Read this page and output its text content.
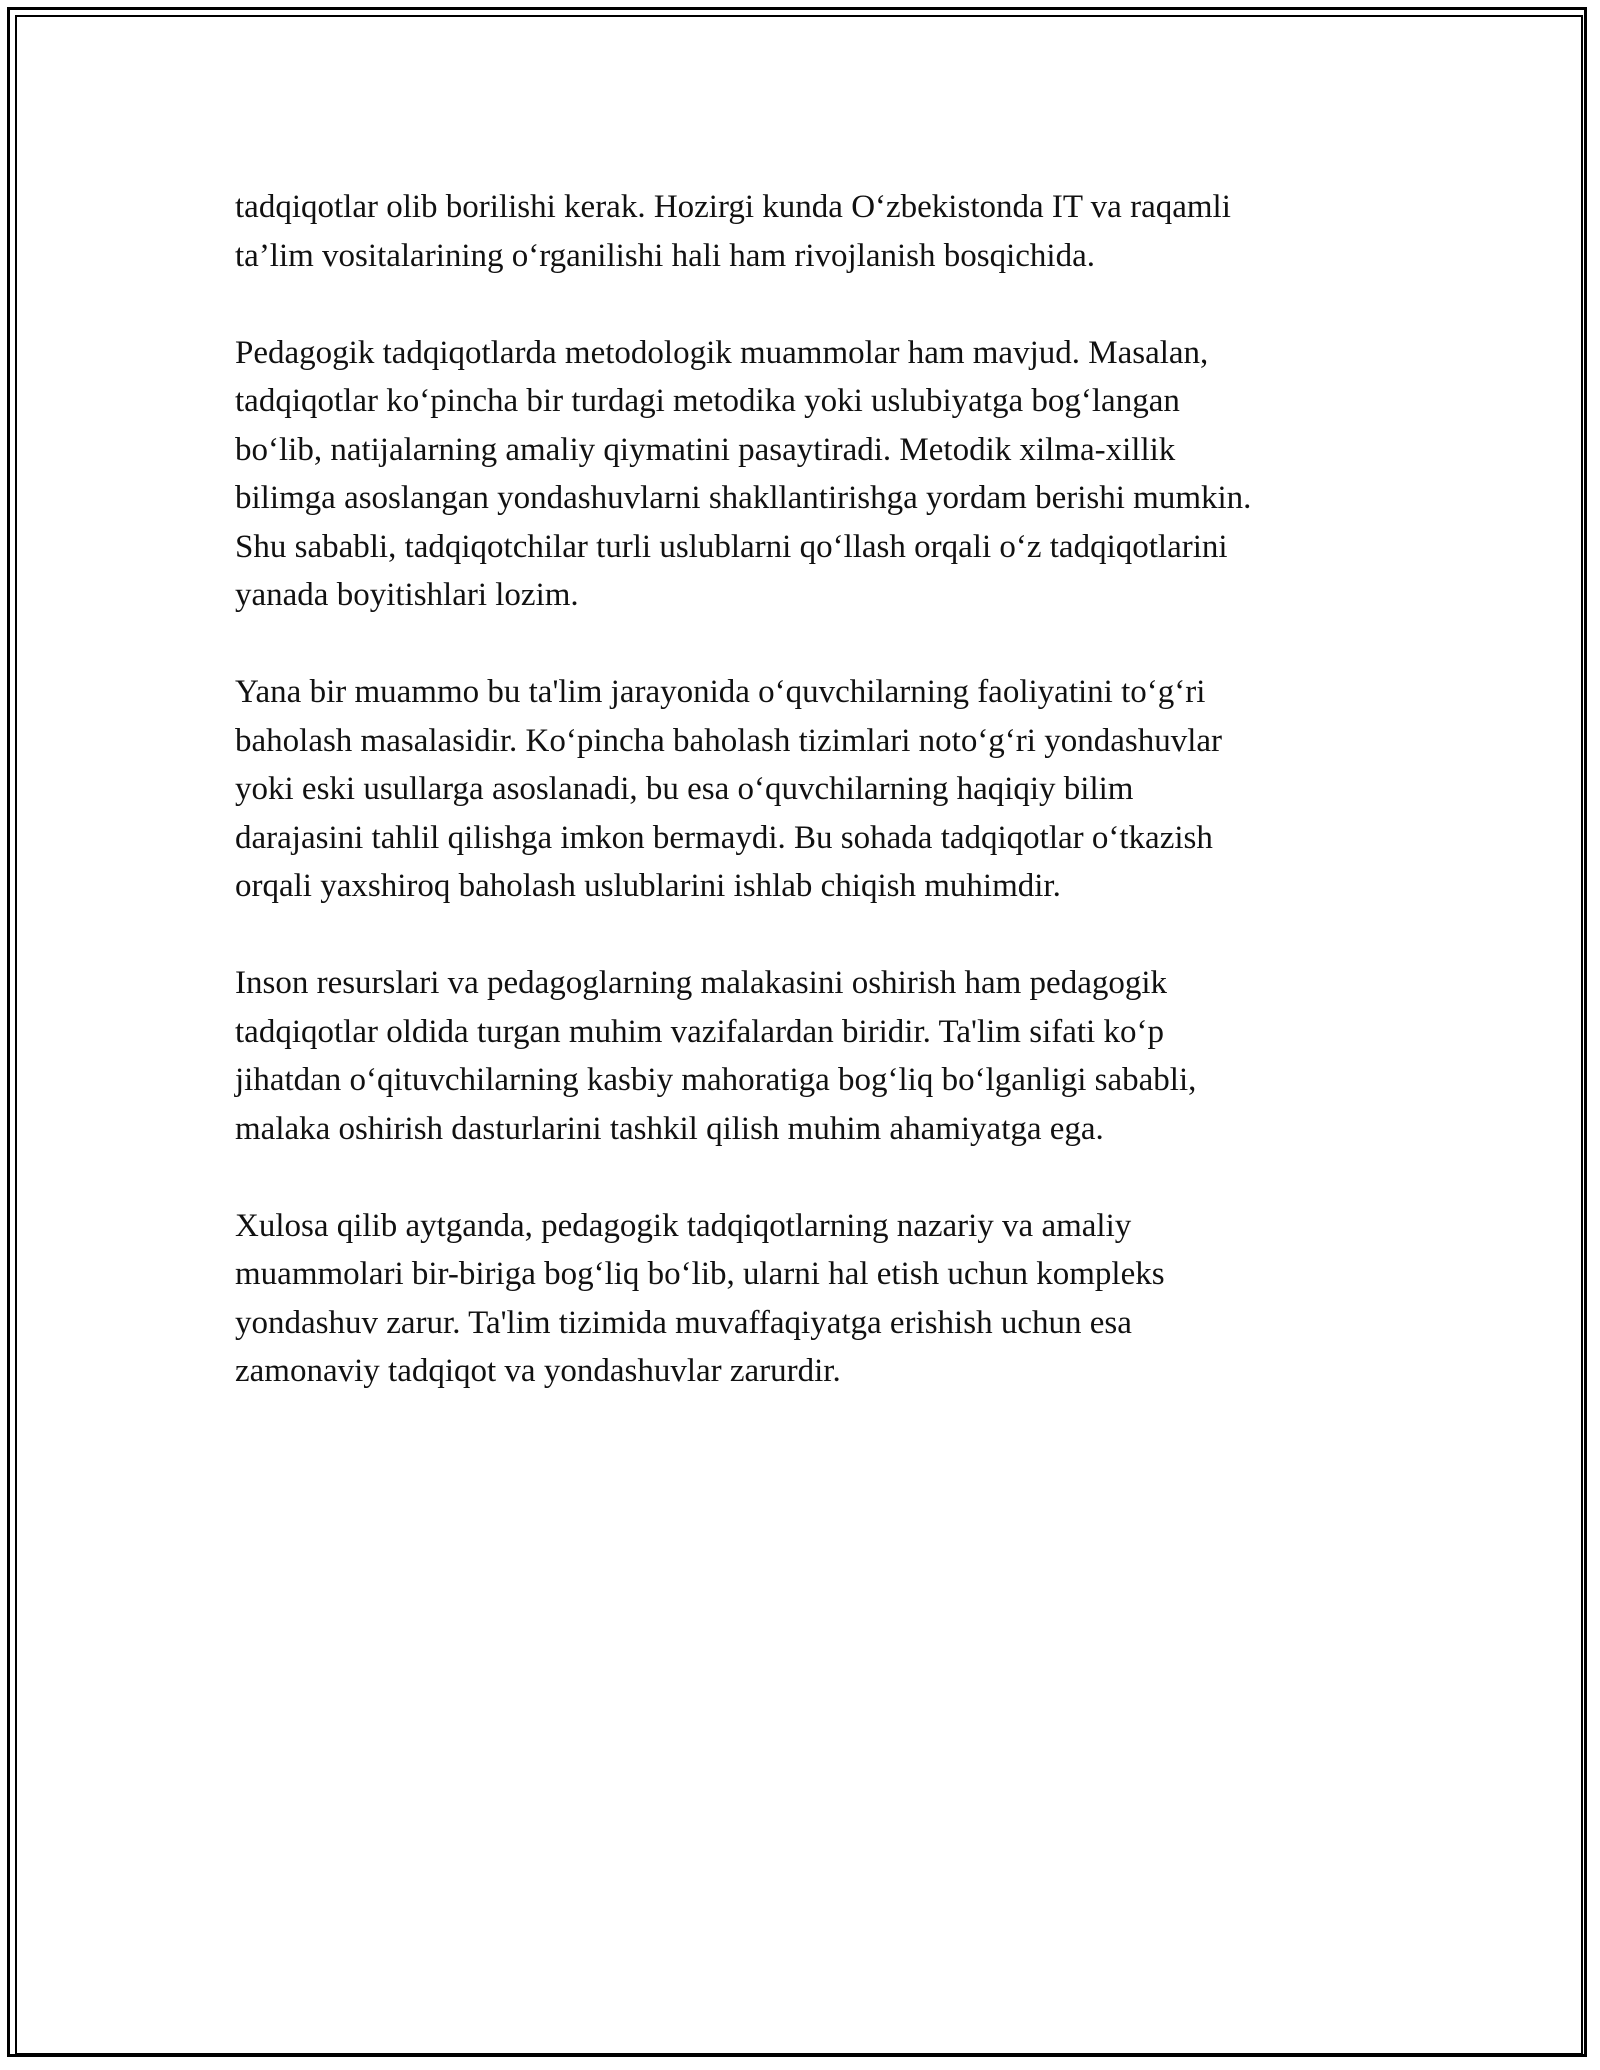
tadqiqotlar olib borilishi kerak. Hozirgi kunda O‘zbekistonda IT va raqamli
ta’lim vositalarining o‘rganilishi hali ham rivojlanish bosqichida.

Pedagogik tadqiqotlarda metodologik muammolar ham mavjud. Masalan,
tadqiqotlar ko‘pincha bir turdagi metodika yoki uslubiyatga bog‘langan
bo‘lib, natijalarning amaliy qiymatini pasaytiradi. Metodik xilma-xillik
bilimga asoslangan yondashuvlarni shakllantirishga yordam berishi mumkin.
Shu sababli, tadqiqotchilar turli uslublarni qo‘llash orqali o‘z tadqiqotlarini
yanada boyitishlari lozim.

Yana bir muammo bu ta'lim jarayonida o‘quvchilarning faoliyatini to‘g‘ri
baholash masalasidir. Ko‘pincha baholash tizimlari noto‘g‘ri yondashuvlar
yoki eski usullarga asoslanadi, bu esa o‘quvchilarning haqiqiy bilim
darajasini tahlil qilishga imkon bermaydi. Bu sohada tadqiqotlar o‘tkazish
orqali yaxshiroq baholash uslublarini ishlab chiqish muhimdir.

Inson resurslari va pedagoglarning malakasini oshirish ham pedagogik
tadqiqotlar oldida turgan muhim vazifalardan biridir. Ta'lim sifati ko‘p
jihatdan o‘qituvchilarning kasbiy mahoratiga bog‘liq bo‘lganligi sababli,
malaka oshirish dasturlarini tashkil qilish muhim ahamiyatga ega.

Xulosa qilib aytganda, pedagogik tadqiqotlarning nazariy va amaliy
muammolari bir-biriga bog‘liq bo‘lib, ularni hal etish uchun kompleks
yondashuv zarur. Ta'lim tizimida muvaffaqiyatga erishish uchun esa
zamonaviy tadqiqot va yondashuvlar zarurdir.
